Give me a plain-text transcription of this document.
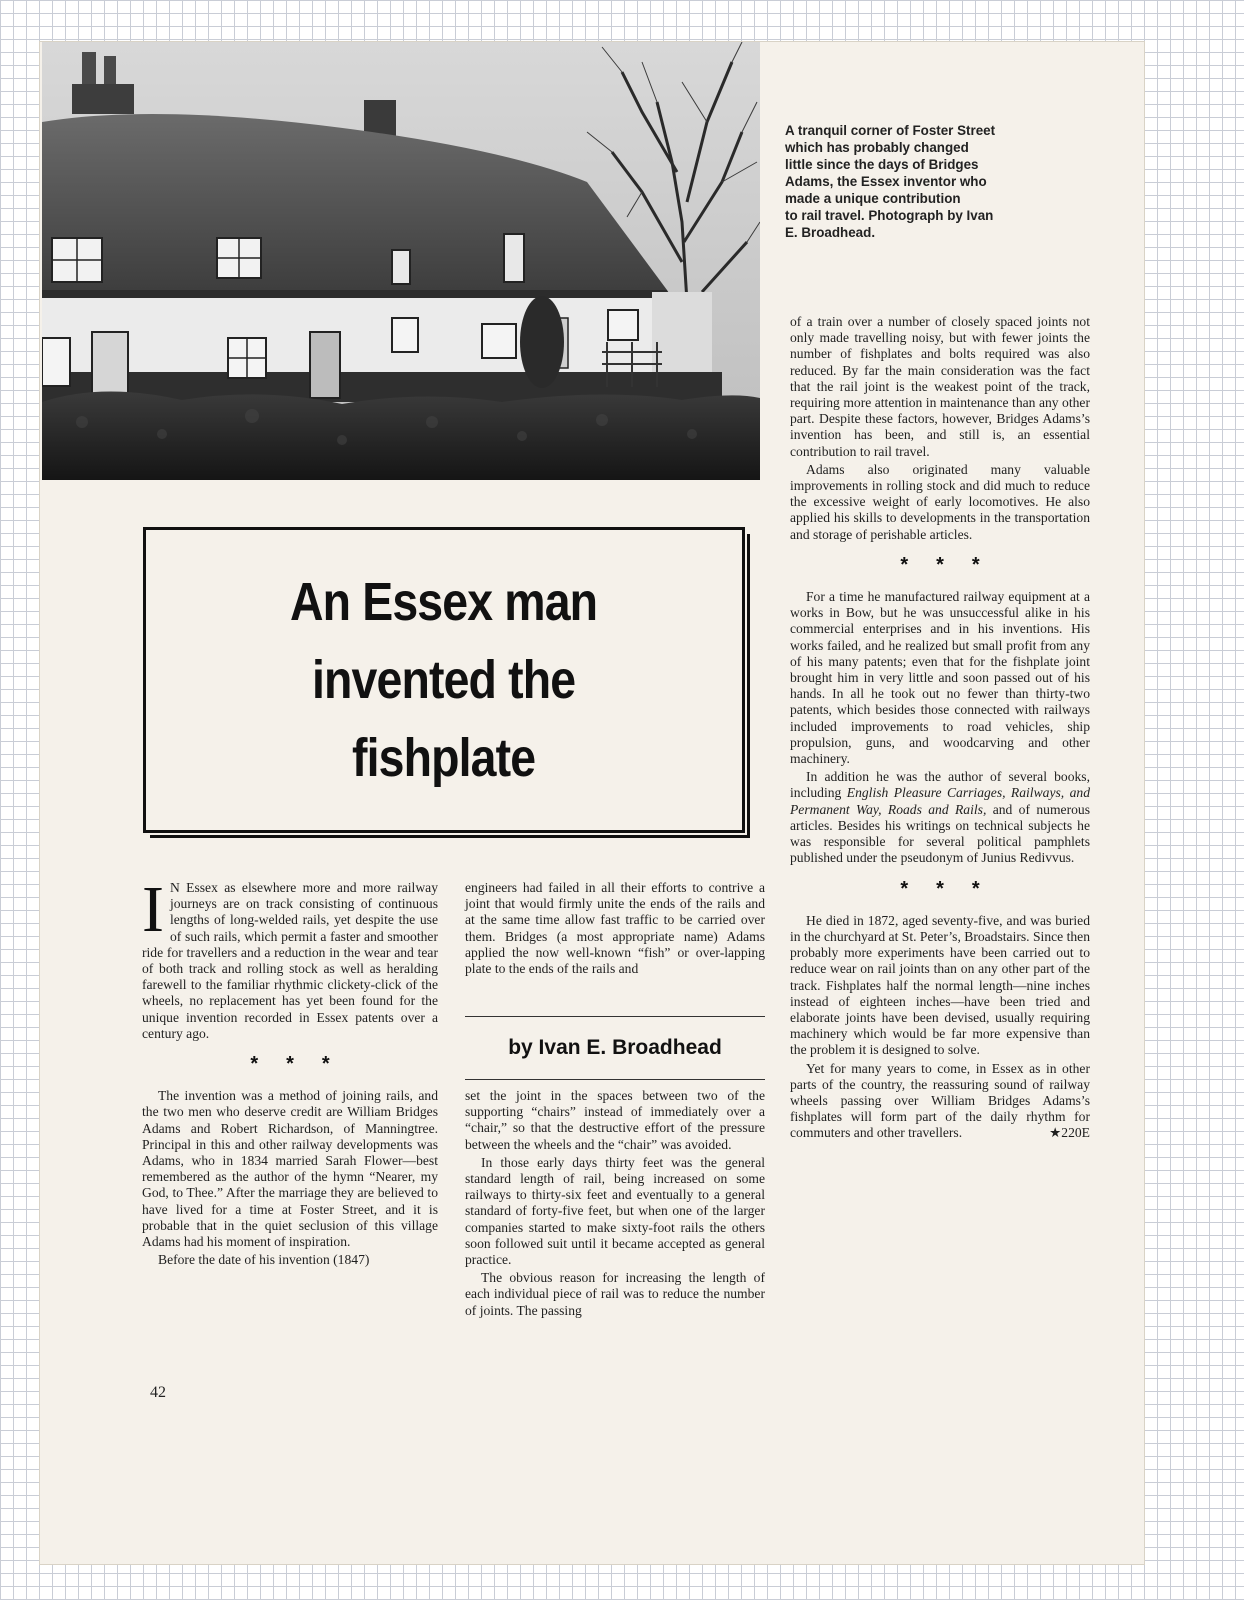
A tranquil corner of Foster Street
which has probably changed
little since the days of Bridges
Adams, the Essex inventor who
made a unique contribution
to rail travel. Photograph by Ivan
E. Broadhead.

An Essex man
invented the
fishplate

I N Essex as elsewhere more and more railway journeys are on track consisting of continuous lengths of long-welded rails, yet despite the use of such rails, which permit a faster and smoother ride for travellers and a reduction in the wear and tear of both track and rolling stock as well as heralding farewell to the familiar rhythmic clickety-click of the wheels, no replacement has yet been found for the unique invention recorded in Essex patents over a century ago.

***

The invention was a method of joining rails, and the two men who deserve credit are William Bridges Adams and Robert Richardson, of Manningtree. Principal in this and other railway developments was Adams, who in 1834 married Sarah Flower—best remembered as the author of the hymn “Nearer, my God, to Thee.” After the marriage they are believed to have lived for a time at Foster Street, and it is probable that in the quiet seclusion of this village Adams had his moment of inspiration.

Before the date of his invention (1847)

engineers had failed in all their efforts to contrive a joint that would firmly unite the ends of the rails and at the same time allow fast traffic to be carried over them. Bridges (a most appropriate name) Adams applied the now well-known “fish” or over-lapping plate to the ends of the rails and

by Ivan E. Broadhead

set the joint in the spaces between two of the supporting “chairs” instead of immediately over a “chair,” so that the destructive effort of the pressure between the wheels and the “chair” was avoided.

In those early days thirty feet was the general standard length of rail, being increased on some railways to thirty-six feet and eventually to a general standard of forty-five feet, but when one of the larger companies started to make sixty-foot rails the others soon followed suit until it became accepted as general practice.

The obvious reason for increasing the length of each individual piece of rail was to reduce the number of joints. The passing

of a train over a number of closely spaced joints not only made travelling noisy, but with fewer joints the number of fishplates and bolts required was also reduced. By far the main consideration was the fact that the rail joint is the weakest point of the track, requiring more attention in maintenance than any other part. Despite these factors, however, Bridges Adams’s invention has been, and still is, an essential contribution to rail travel.

Adams also originated many valuable improvements in rolling stock and did much to reduce the excessive weight of early locomotives. He also applied his skills to developments in the transportation and storage of perishable articles.

***

For a time he manufactured railway equipment at a works in Bow, but he was unsuccessful alike in his commercial enterprises and in his inventions. His works failed, and he realized but small profit from any of his many patents; even that for the fishplate joint brought him in very little and soon passed out of his hands. In all he took out no fewer than thirty-two patents, which besides those connected with railways included improvements to road vehicles, ship propulsion, guns, and woodcarving and other machinery.

In addition he was the author of several books, including English Pleasure Carriages, Railways, and Permanent Way, Roads and Rails, and of numerous articles. Besides his writings on technical subjects he was responsible for several political pamphlets published under the pseudonym of Junius Redivvus.

***

He died in 1872, aged seventy-five, and was buried in the churchyard at St. Peter’s, Broadstairs. Since then probably more experiments have been carried out to reduce wear on rail joints than on any other part of the track. Fishplates half the normal length—nine inches instead of eighteen inches—have been tried and elaborate joints have been devised, usually requiring machinery which would be far more expensive than the problem it is designed to solve.

Yet for many years to come, in Essex as in other parts of the country, the reassuring sound of railway wheels passing over William Bridges Adams’s fishplates will form part of the daily rhythm for commuters and other travellers.	★220E

42
